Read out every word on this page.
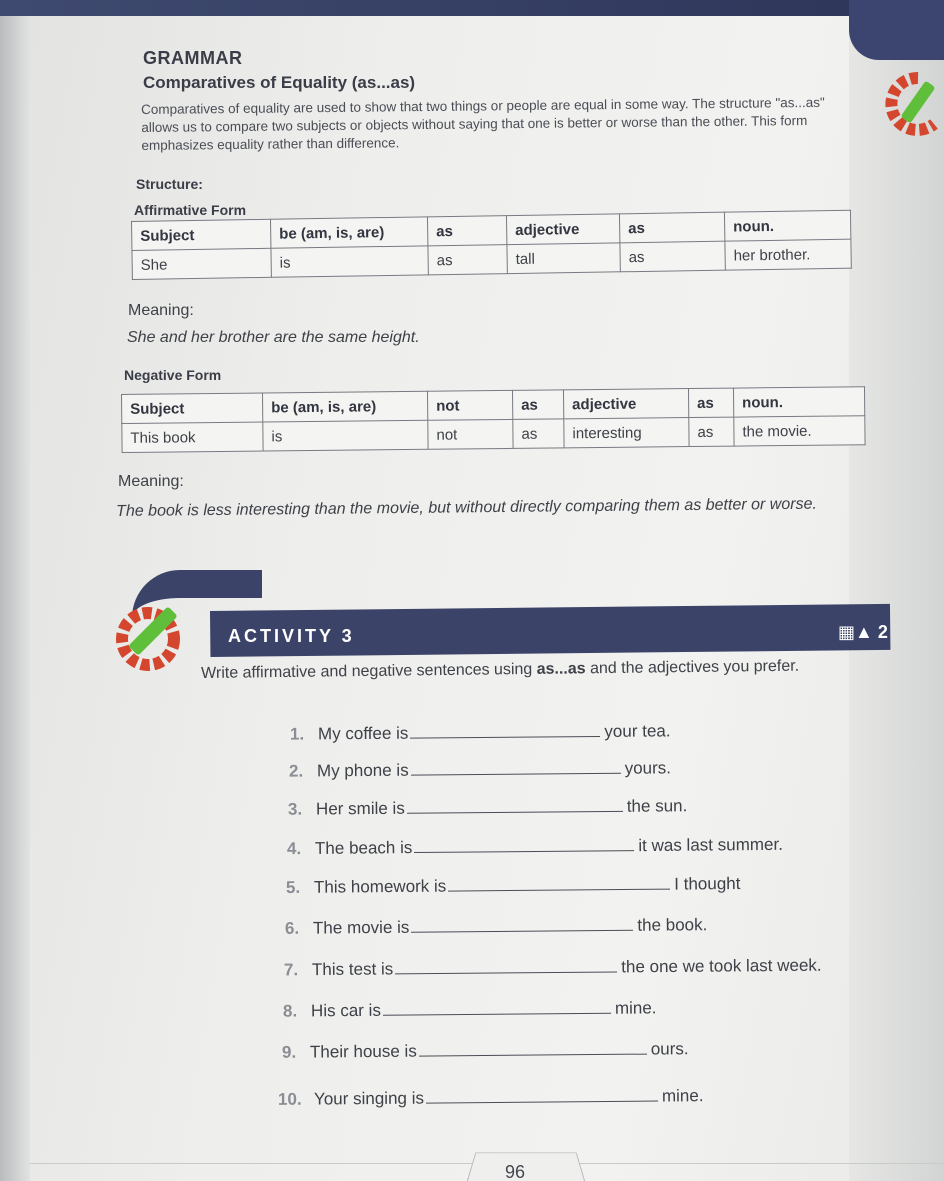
GRAMMAR
Comparatives of Equality (as...as)
Comparatives of equality are used to show that two things or people are equal in some way. The structure "as...as" allows us to compare two subjects or objects without saying that one is better or worse than the other. This form emphasizes equality rather than difference.
Structure:
Affirmative Form
Subject	be (am, is, are)	as	adjective	as	noun.
She	is	as	tall	as	her brother.
Meaning:
She and her brother are the same height.
Negative Form
Subject	be (am, is, are)	not	as	adjective	as	noun.
This book	is	not	as	interesting	as	the movie.
Meaning:
The book is less interesting than the movie, but without directly comparing them as better or worse.
ACTIVITY 3	▦▲ 2
Write affirmative and negative sentences using as...as and the adjectives you prefer.
1. My coffee is	your tea.
2. My phone is	yours.
3. Her smile is	the sun.
4. The beach is	it was last summer.
5. This homework is	I thought
6. The movie is	the book.
7. This test is	the one we took last week.
8. His car is	mine.
9. Their house is	ours.
10. Your singing is	mine.
96
